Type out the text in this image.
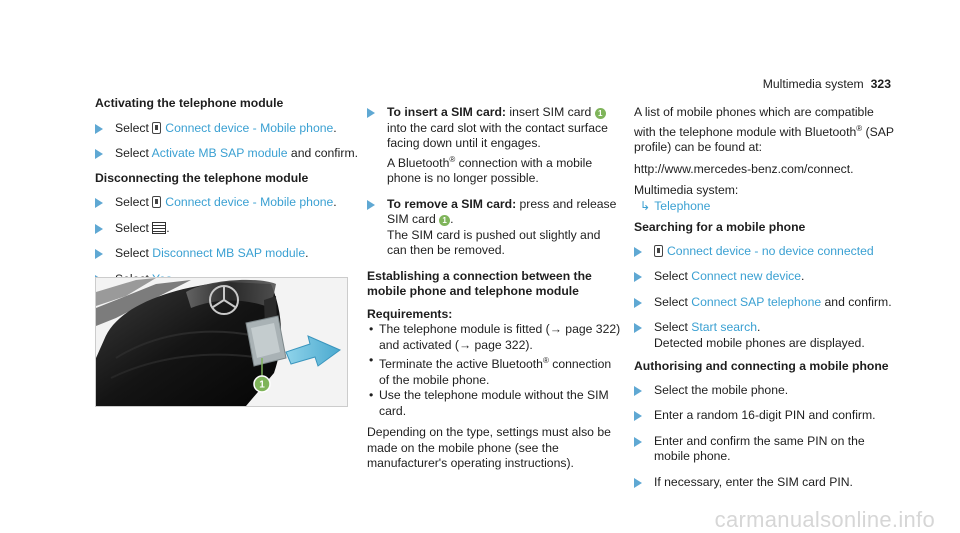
Multimedia system 323
Activating the telephone module
Select Connect device - Mobile phone.
Select Activate MB SAP module and confirm.
Disconnecting the telephone module
Select Connect device - Mobile phone.
Select .
Select Disconnect MB SAP module.
1
To insert a SIM card: insert SIM card 1 into the card slot with the contact surface facing down until it engages.
A Bluetooth® connection with a mobile phone is no longer possible.
To remove a SIM card: press and release SIM card 1 .
The SIM card is pushed out slightly and can then be removed.
Establishing a connection between the mobile phone and telephone module
Requirements:
• The telephone module is fitted (→ page 322) and activated (→ page 322).
• Terminate the active Bluetooth® connection of the mobile phone.
• Use the telephone module without the SIM card.
Depending on the type, settings must also be made on the mobile phone (see the manufacturer's operating instructions).
A list of mobile phones which are compatible with the telephone module with Bluetooth® (SAP profile) can be found at:
http://www.mercedes-benz.com/connect.
Multimedia system:
↳ Telephone
Searching for a mobile phone
Connect device - no device connected
Select Connect new device.
Select Connect SAP telephone and confirm.
Select Start search.
Detected mobile phones are displayed.
Authorising and connecting a mobile phone
Select the mobile phone.
Enter a random 16-digit PIN and confirm.
Enter and confirm the same PIN on the mobile phone.
If necessary, enter the SIM card PIN.
carmanualsonline.info
